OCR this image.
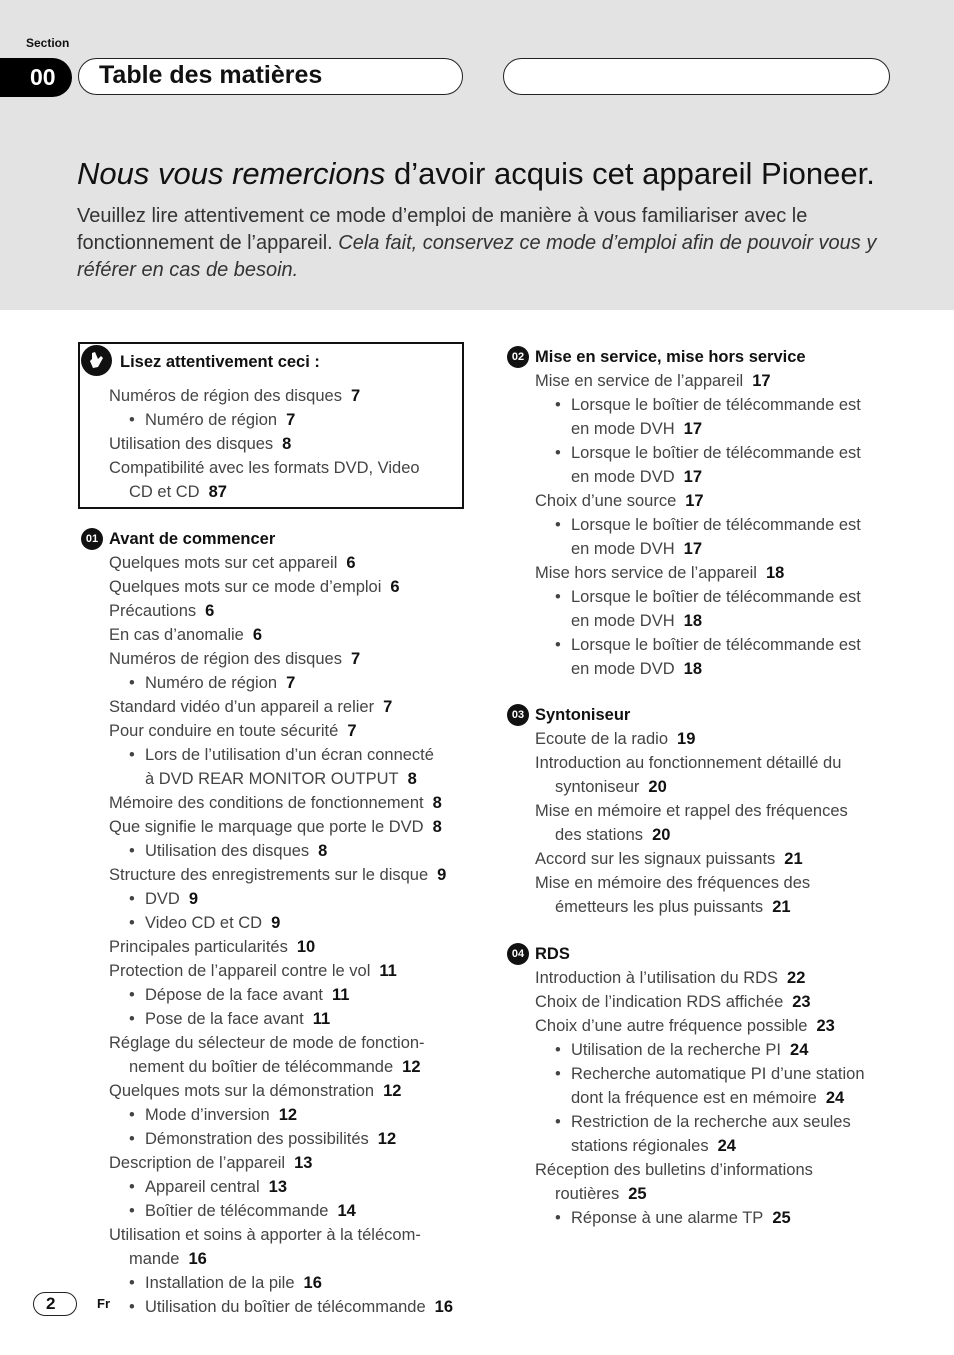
Section
00	Table des matières
Nous vous remercions d’avoir acquis cet appareil Pioneer.
Veuillez lire attentivement ce mode d’emploi de manière à vous familiariser avec le fonctionnement de l’appareil. Cela fait, conservez ce mode d’emploi afin de pouvoir vous y référer en cas de besoin.
Lisez attentivement ceci :
Numéros de région des disques 7
• Numéro de région 7
Utilisation des disques 8
Compatibilité avec les formats DVD, Video
CD et CD 87
01 Avant de commencer
Quelques mots sur cet appareil 6
Quelques mots sur ce mode d’emploi 6
Précautions 6
En cas d’anomalie 6
Numéros de région des disques 7
• Numéro de région 7
Standard vidéo d’un appareil a relier 7
Pour conduire en toute sécurité 7
• Lors de l’utilisation d’un écran connecté
à DVD REAR MONITOR OUTPUT 8
Mémoire des conditions de fonctionnement 8
Que signifie le marquage que porte le DVD 8
• Utilisation des disques 8
Structure des enregistrements sur le disque 9
• DVD 9
• Video CD et CD 9
Principales particularités 10
Protection de l’appareil contre le vol 11
• Dépose de la face avant 11
• Pose de la face avant 11
Réglage du sélecteur de mode de fonction-
nement du boîtier de télécommande 12
Quelques mots sur la démonstration 12
• Mode d’inversion 12
• Démonstration des possibilités 12
Description de l’appareil 13
• Appareil central 13
• Boîtier de télécommande 14
Utilisation et soins à apporter à la télécom-
mande 16
• Installation de la pile 16
• Utilisation du boîtier de télécommande 16
02 Mise en service, mise hors service
Mise en service de l’appareil 17
• Lorsque le boîtier de télécommande est
en mode DVH 17
• Lorsque le boîtier de télécommande est
en mode DVD 17
Choix d’une source 17
• Lorsque le boîtier de télécommande est
en mode DVH 17
Mise hors service de l’appareil 18
• Lorsque le boîtier de télécommande est
en mode DVH 18
• Lorsque le boîtier de télécommande est
en mode DVD 18
03 Syntoniseur
Ecoute de la radio 19
Introduction au fonctionnement détaillé du
syntoniseur 20
Mise en mémoire et rappel des fréquences
des stations 20
Accord sur les signaux puissants 21
Mise en mémoire des fréquences des
émetteurs les plus puissants 21
04 RDS
Introduction à l’utilisation du RDS 22
Choix de l’indication RDS affichée 23
Choix d’une autre fréquence possible 23
• Utilisation de la recherche PI 24
• Recherche automatique PI d’une station
dont la fréquence est en mémoire 24
• Restriction de la recherche aux seules
stations régionales 24
Réception des bulletins d’informations
routières 25
• Réponse à une alarme TP 25
2	Fr
